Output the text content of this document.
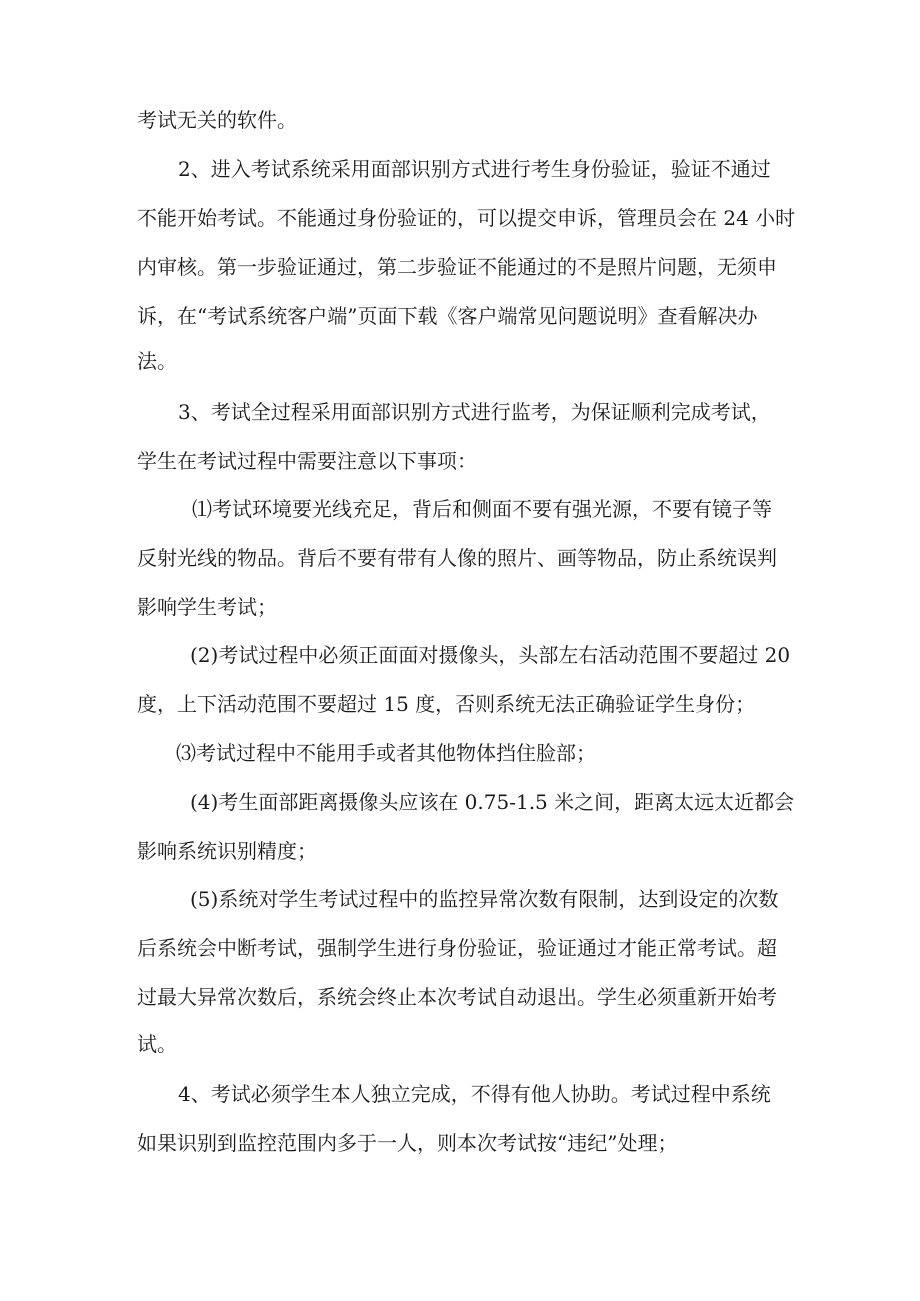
考试无关的软件。

2、进入考试系统采用面部识别方式进行考生身份验证，验证不通过

不能开始考试。不能通过身份验证的，可以提交申诉，管理员会在 24 小时

内审核。第一步验证通过，第二步验证不能通过的不是照片问题，无须申

诉，在“考试系统客户端”页面下载《客户端常见问题说明》查看解决办

法。

3、考试全过程采用面部识别方式进行监考，为保证顺利完成考试，

学生在考试过程中需要注意以下事项：

⑴考试环境要光线充足，背后和侧面不要有强光源，不要有镜子等

反射光线的物品。背后不要有带有人像的照片、画等物品，防止系统误判

影响学生考试；

(2)考试过程中必须正面面对摄像头，头部左右活动范围不要超过 20

度，上下活动范围不要超过 15 度，否则系统无法正确验证学生身份；

⑶考试过程中不能用手或者其他物体挡住脸部；

(4)考生面部距离摄像头应该在 0.75-1.5 米之间，距离太远太近都会

影响系统识别精度；

(5)系统对学生考试过程中的监控异常次数有限制，达到设定的次数

后系统会中断考试，强制学生进行身份验证，验证通过才能正常考试。超

过最大异常次数后，系统会终止本次考试自动退出。学生必须重新开始考

试。

4、考试必须学生本人独立完成，不得有他人协助。考试过程中系统

如果识别到监控范围内多于一人，则本次考试按“违纪”处理；
